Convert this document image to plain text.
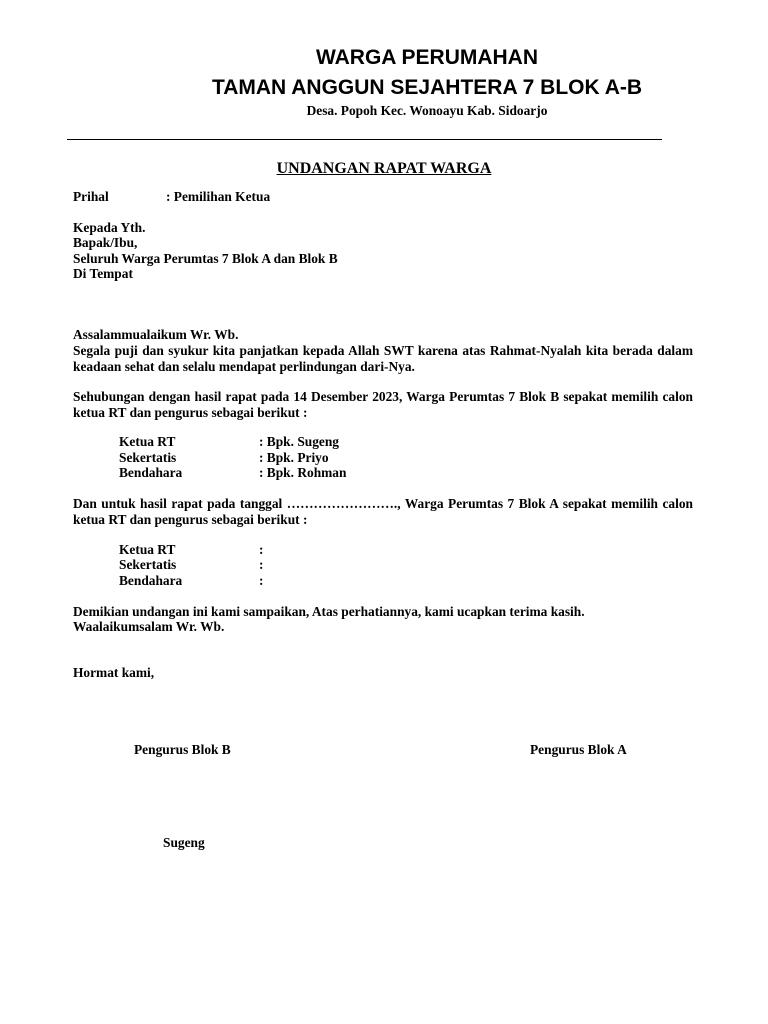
WARGA PERUMAHAN
TAMAN ANGGUN SEJAHTERA 7 BLOK A-B
Desa. Popoh Kec. Wonoayu Kab. Sidoarjo
UNDANGAN RAPAT WARGA
Prihal	: Pemilihan Ketua
Kepada Yth.
Bapak/Ibu,
Seluruh Warga Perumtas 7 Blok A dan Blok B
Di Tempat
Assalammualaikum Wr. Wb.
Segala puji dan syukur kita panjatkan kepada Allah SWT karena atas Rahmat-Nyalah kita berada dalam keadaan sehat dan selalu mendapat perlindungan dari-Nya.
Sehubungan dengan hasil rapat pada 14 Desember 2023, Warga Perumtas 7 Blok B sepakat memilih calon ketua RT dan pengurus sebagai berikut :
Ketua RT	: Bpk. Sugeng
Sekertatis	: Bpk. Priyo
Bendahara	: Bpk. Rohman
Dan untuk hasil rapat pada tanggal ……………………., Warga Perumtas 7 Blok A sepakat memilih calon ketua RT dan pengurus sebagai berikut :
Ketua RT	:
Sekertatis	:
Bendahara	:
Demikian undangan ini kami sampaikan, Atas perhatiannya, kami ucapkan terima kasih.
Waalaikumsalam Wr. Wb.
Hormat kami,
Pengurus Blok B	Pengurus Blok A
Sugeng
